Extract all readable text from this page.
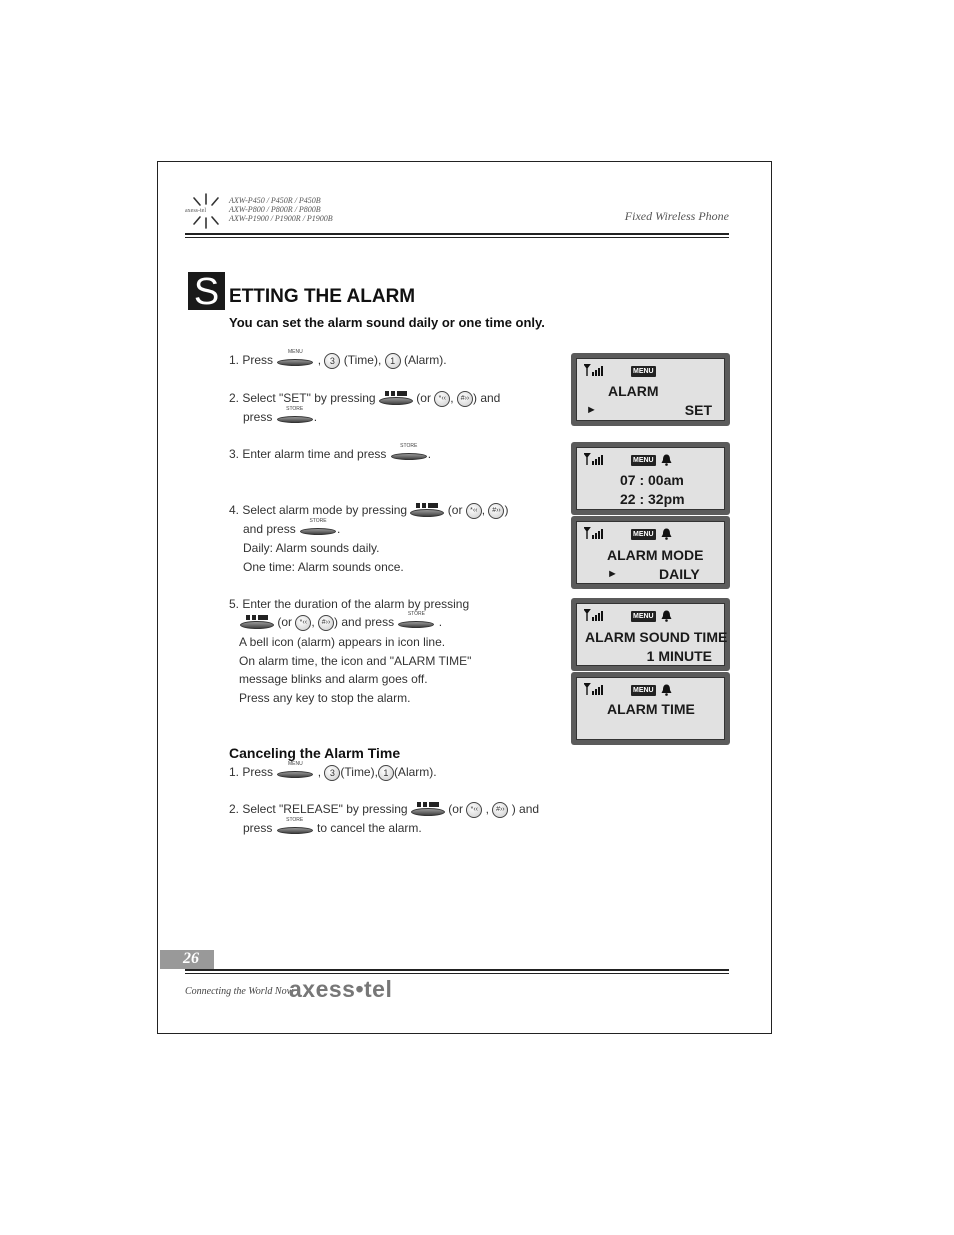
axess-tel
AXW-P450 / P450R / P450B
AXW-P800 / P800R / P800B
AXW-P1900 / P1900R / P1900B	Fixed Wireless Phone
S ETTING THE ALARM
You can set the alarm sound daily or one time only.
1. Press
MENU
, 3 (Time), 1 (Alarm).
2. Select "SET" by pressing	(or *‹‹ , #›› ) and
press
STORE
.
3. Enter alarm time and press
STORE
.
4. Select alarm mode by pressing	(or *‹‹ , #›› )
and press
STORE
.
Daily: Alarm sounds daily.
One time: Alarm sounds once.
5. Enter the duration of the alarm by pressing
(or *‹‹ , #›› ) and press
STORE
.
A bell icon (alarm) appears in icon line.
On alarm time, the icon and "ALARM TIME"
message blinks and alarm goes off.
Press any key to stop the alarm.
Canceling the Alarm Time
1. Press
MENU
, 3 (Time), 1 (Alarm).
2. Select "RELEASE" by pressing	(or *‹‹ , #›› ) and
press
STORE
to cancel the alarm.
MENU
ALARM
►	SET
MENU
07 : 00am
22 : 32pm
MENU
ALARM MODE
►	DAILY
MENU
ALARM SOUND TIME
1 MINUTE
MENU
ALARM TIME
26
Connecting the World Now
axess•tel
